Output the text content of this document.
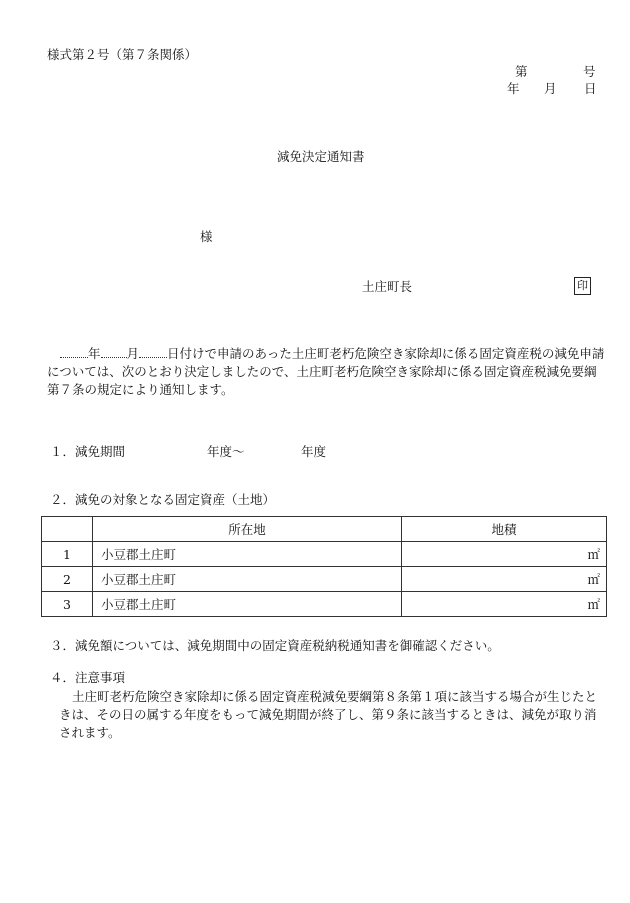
様式第２号（第７条関係）
第	号
年 月 日
減免決定通知書
様
土庄町長	印
年 月 日付けで申請のあった土庄町老朽危険空き家除却に係る固定資産税の減免申請については、次のとおり決定しましたので、土庄町老朽危険空き家除却に係る固定資産税減免要綱第７条の規定により通知します。
１．減免期間	年度～	年度
２．減免の対象となる固定資産（土地）
	所在地	地積
1	小豆郡土庄町	㎡
2	小豆郡土庄町	㎡
3	小豆郡土庄町	㎡
３．減免額については、減免期間中の固定資産税納税通知書を御確認ください。
４．注意事項
土庄町老朽危険空き家除却に係る固定資産税減免要綱第８条第１項に該当する場合が生じたときは、その日の属する年度をもって減免期間が終了し、第９条に該当するときは、減免が取り消されます。
